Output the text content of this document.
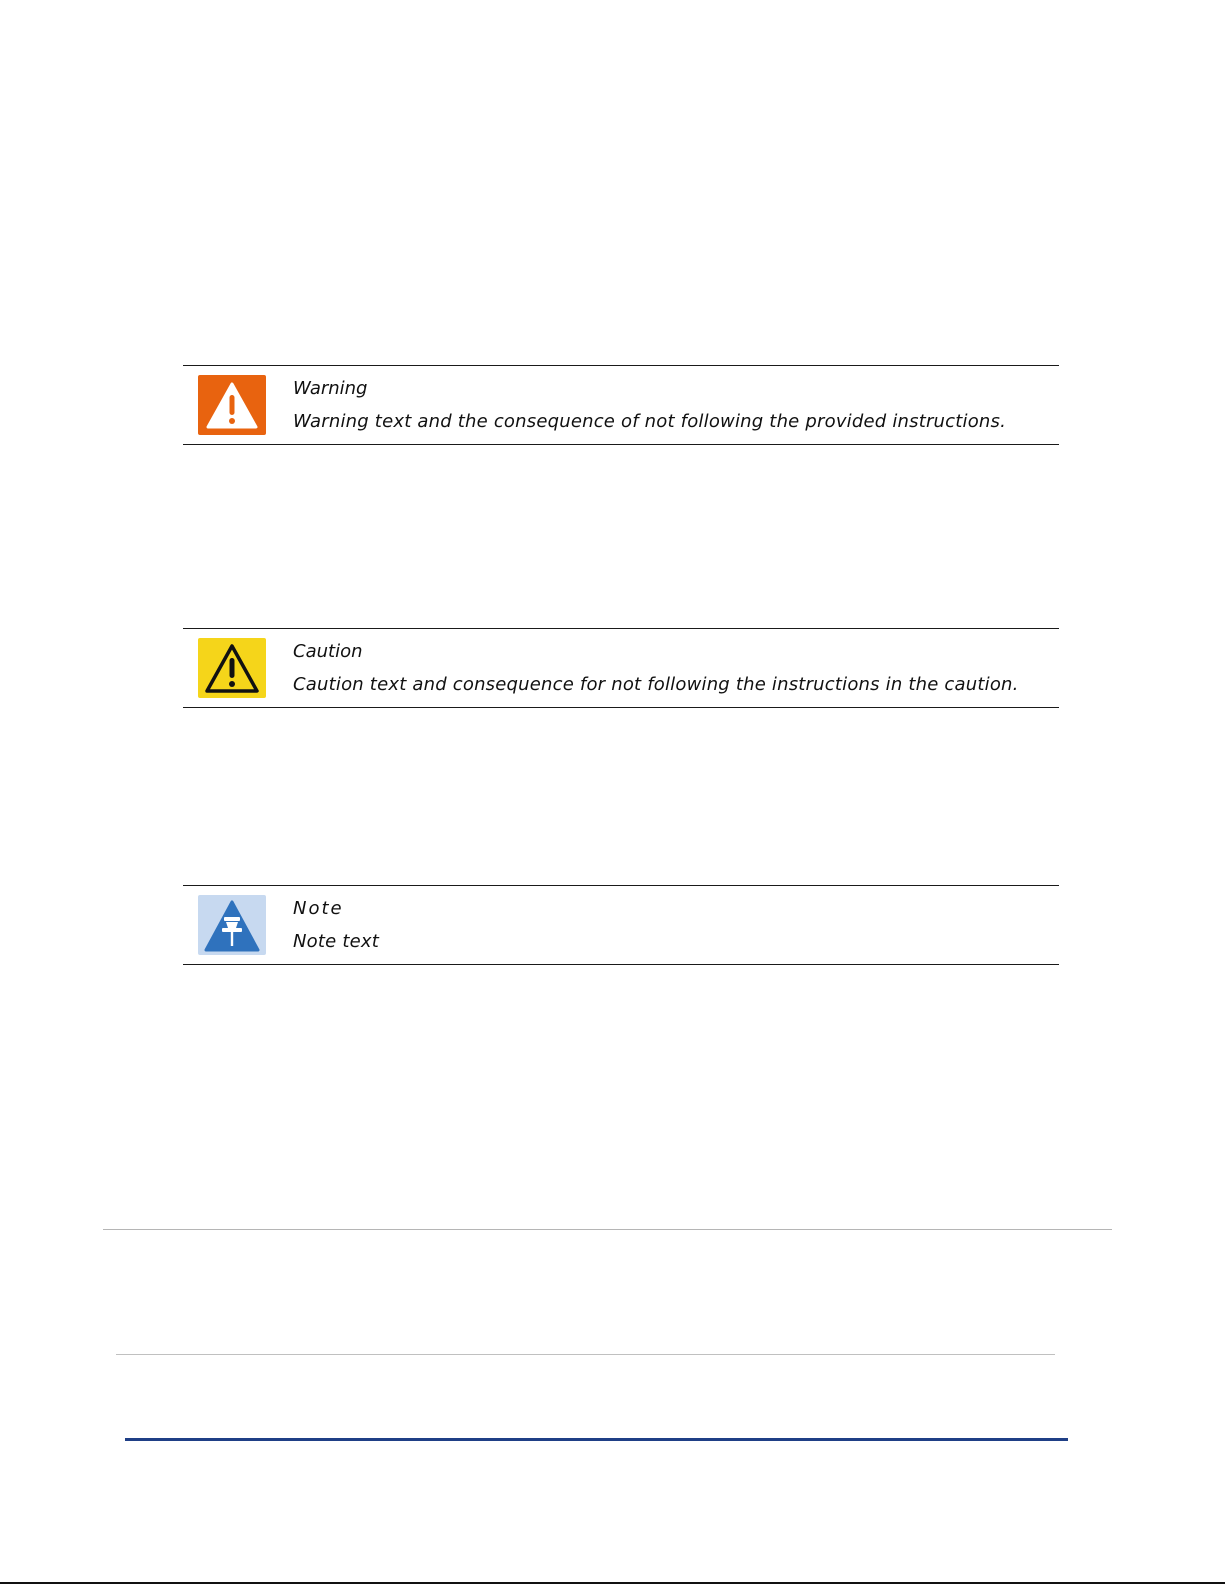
Warning
Warning text and the consequence of not following the provided instructions.
Caution
Caution text and consequence for not following the instructions in the caution.
Note
Note text
